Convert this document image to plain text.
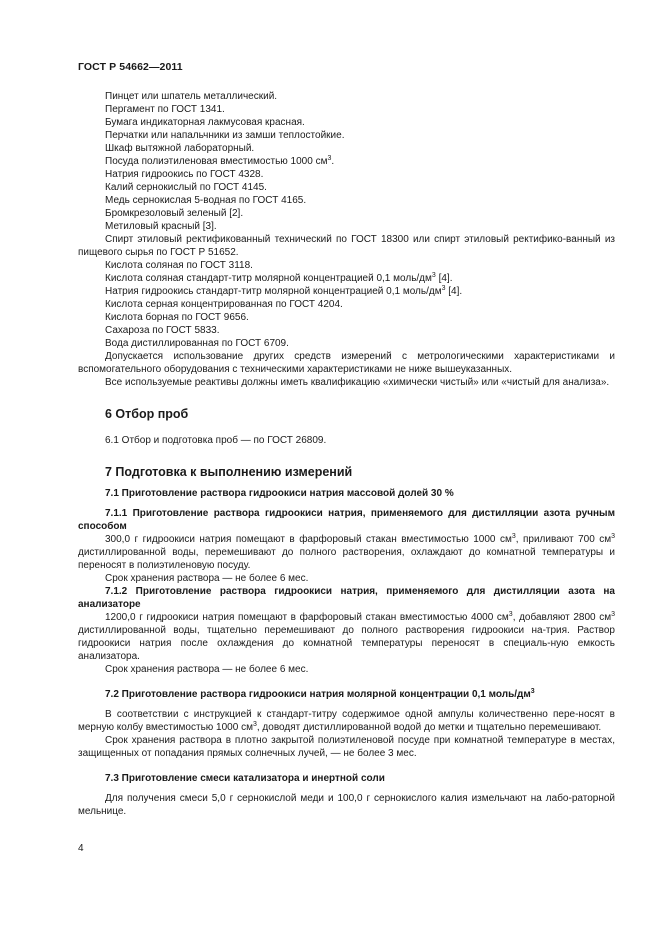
ГОСТ Р 54662—2011

Пинцет или шпатель металлический.

Пергамент по ГОСТ 1341.

Бумага индикаторная лакмусовая красная.

Перчатки или напальчники из замши теплостойкие.

Шкаф вытяжной лабораторный.

Посуда полиэтиленовая вместимостью 1000 $см^3$.

Натрия гидроокись по ГОСТ 4328.

Калий сернокислый по ГОСТ 4145.

Медь сернокислая 5-водная по ГОСТ 4165.

Бромкрезоловый зеленый [2].

Метиловый красный [3].

Спирт этиловый ректификованный технический по ГОСТ 18300 или спирт этиловый ректифико-ванный из пищевого сырья по ГОСТ Р 51652.

Кислота соляная по ГОСТ 3118.

Кислота соляная стандарт-титр молярной концентрацией 0,1 моль/$дм^3$ [4].

Натрия гидроокись стандарт-титр молярной концентрацией 0,1 моль/$дм^3$ [4].

Кислота серная концентрированная по ГОСТ 4204.

Кислота борная по ГОСТ 9656.

Сахароза по ГОСТ 5833.

Вода дистиллированная по ГОСТ 6709.

Допускается использование других средств измерений с метрологическими характеристиками и вспомогательного оборудования с техническими характеристиками не ниже вышеуказанных.

Все используемые реактивы должны иметь квалификацию «химически чистый» или «чистый для анализа».

6 Отбор проб

6.1 Отбор и подготовка проб — по ГОСТ 26809.

7 Подготовка к выполнению измерений

7.1 Приготовление раствора гидроокиси натрия массовой долей 30 %

7.1.1 Приготовление раствора гидроокиси натрия, применяемого для дистилляции азота ручным способом

300,0 г гидроокиси натрия помещают в фарфоровый стакан вместимостью 1000 $см^3$, приливают 700 $см^3$ дистиллированной воды, перемешивают до полного растворения, охлаждают до комнатной температуры и переносят в полиэтиленовую посуду.

Срок хранения раствора — не более 6 мес.

7.1.2 Приготовление раствора гидроокиси натрия, применяемого для дистилляции азота на анализаторе

1200,0 г гидроокиси натрия помещают в фарфоровый стакан вместимостью 4000 $см^3$, добавляют 2800 $см^3$ дистиллированной воды, тщательно перемешивают до полного растворения гидроокиси на-трия. Раствор гидроокиси натрия после охлаждения до комнатной температуры переносят в специаль-ную емкость анализатора.

Срок хранения раствора — не более 6 мес.

7.2 Приготовление раствора гидроокиси натрия молярной концентрации 0,1 моль/$дм^3$

В соответствии с инструкцией к стандарт-титру содержимое одной ампулы количественно пере-носят в мерную колбу вместимостью 1000 $см^3$, доводят дистиллированной водой до метки и тщательно перемешивают.

Срок хранения раствора в плотно закрытой полиэтиленовой посуде при комнатной температуре в местах, защищенных от попадания прямых солнечных лучей, — не более 3 мес.

7.3 Приготовление смеси катализатора и инертной соли

Для получения смеси 5,0 г сернокислой меди и 100,0 г сернокислого калия измельчают на лабо-раторной мельнице.

4
